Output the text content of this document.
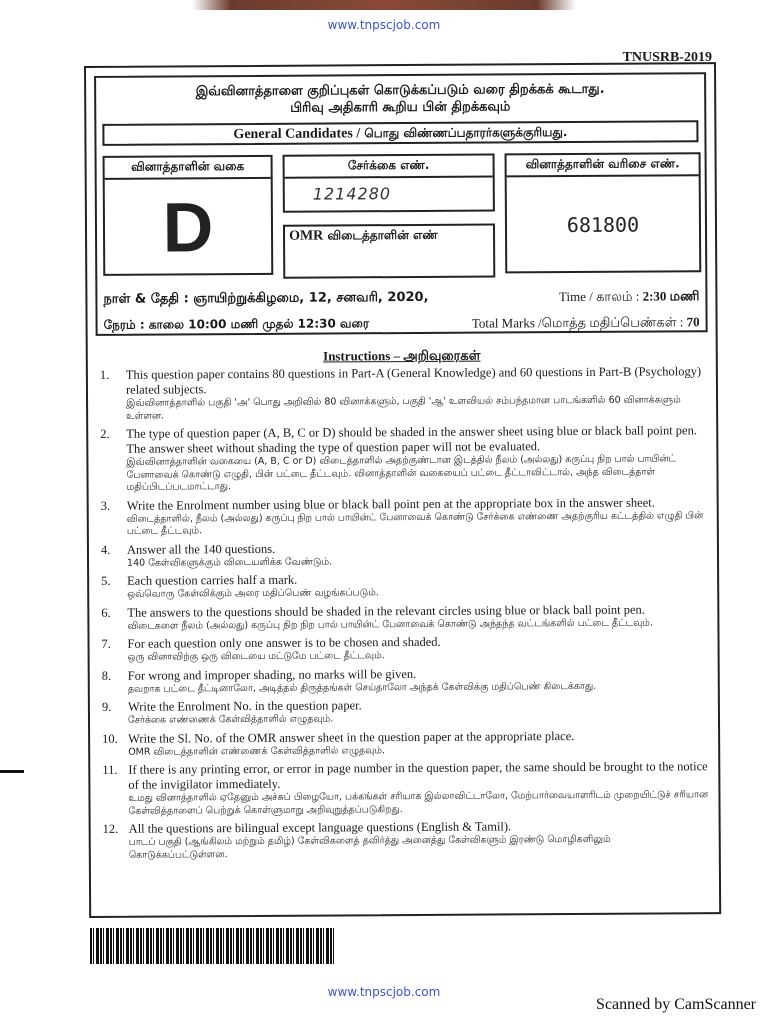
www.tnpscjob.com
TNUSRB-2019
இவ்வினாத்தாளை குறிப்புகள் கொடுக்கப்படும் வரை திறக்கக் கூடாது.
பிரிவு அதிகாரி கூறிய பின் திறக்கவும்
General Candidates / பொது விண்ணப்பதாரர்களுக்குரியது.
வினாத்தாளின் வகை
D
சேர்க்கை எண்.
1214280
OMR விடைத்தாளின் எண்
வினாத்தாளின் வரிசை எண்.
681800
நாள் & தேதி : ஞாயிற்றுக்கிழமை, 12, சனவரி, 2020,	Time / காலம் : 2:30 மணி
நேரம் : காலை 10:00 மணி முதல் 12:30 வரை	Total Marks /மொத்த மதிப்பெண்கள் : 70
Instructions – அறிவுரைகள்
1. This question paper contains 80 questions in Part-A (General Knowledge) and 60 questions in Part-B (Psychology) related subjects.
இவ்வினாத்தாளில் பகுதி 'அ' பொது அறிவில் 80 வினாக்களும், பகுதி 'ஆ' உளவியல் சம்பந்தமான பாடங்களில் 60 வினாக்களும் உள்ளன.
2. The type of question paper (A, B, C or D) should be shaded in the answer sheet using blue or black ball point pen. The answer sheet without shading the type of question paper will not be evaluated.
இவ்வினாத்தாளின் வகையை (A, B, C or D) விடைத்தாளில் அதற்குண்டான இடத்தில் நீலம் (அல்லது) கருப்பு நிற பால் பாயின்ட் பேனாவைக் கொண்டு எழுதி, பின் பட்டை தீட்டவும். வினாத்தாளின் வகையைப் பட்டை தீட்டாவிட்டால், அந்த விடைத்தாள் மதிப்பிடப்படமாட்டாது.
3. Write the Enrolment number using blue or black ball point pen at the appropriate box in the answer sheet.
விடைத்தாளில், நீலம் (அல்லது) கருப்பு நிற பால் பாயின்ட் பேனாவைக் கொண்டு சேர்க்கை எண்ணை அதற்குரிய கட்டத்தில் எழுதி பின் பட்டை தீட்டவும்.
4. Answer all the 140 questions.
140 கேள்விகளுக்கும் விடையளிக்க வேண்டும்.
5. Each question carries half a mark.
ஒவ்வொரு கேள்விக்கும் அரை மதிப்பெண் வழங்கப்படும்.
6. The answers to the questions should be shaded in the relevant circles using blue or black ball point pen.
விடைகளை நீலம் (அல்லது) கருப்பு நிற நிற பால் பாயின்ட் பேனாவைக் கொண்டு அந்தந்த வட்டங்களில் பட்டை தீட்டவும்.
7. For each question only one answer is to be chosen and shaded.
ஒரு வினாவிற்கு ஒரு விடையை மட்டுமே பட்டை தீட்டவும்.
8. For wrong and improper shading, no marks will be given.
தவறாக பட்டை தீட்டினாலோ, அடித்தல் திருத்தங்கள் செய்தாலோ அந்தக் கேள்விக்கு மதிப்பெண் கிடைக்காது.
9. Write the Enrolment No. in the question paper.
சேர்க்கை எண்ணைக் கேள்வித்தாளில் எழுதவும்.
10. Write the Sl. No. of the OMR answer sheet in the question paper at the appropriate place.
OMR விடைத்தாளின் எண்ணைக் கேள்வித்தாளில் எழுதவும்.
11. If there is any printing error, or error in page number in the question paper, the same should be brought to the notice of the invigilator immediately.
உமது வினாத்தாளில் ஏதேனும் அச்சுப் பிழையோ, பக்கங்கள் சரியாக இல்லாவிட்டாலோ, மேற்பார்வையாளரிடம் முறையிட்டுச் சரியான கேள்வித்தாளைப் பெற்றுக் கொள்ளுமாறு அறிவுறுத்தப்படுகிறது.
12. All the questions are bilingual except language questions (English & Tamil).
பாடப் பகுதி (ஆங்கிலம் மற்றும் தமிழ்) கேள்விகளைத் தவிர்த்து அனைத்து கேள்விகளும் இரண்டு மொழிகளிலும் கொடுக்கப்பட்டுள்ளன.
www.tnpscjob.com
Scanned by CamScanner
